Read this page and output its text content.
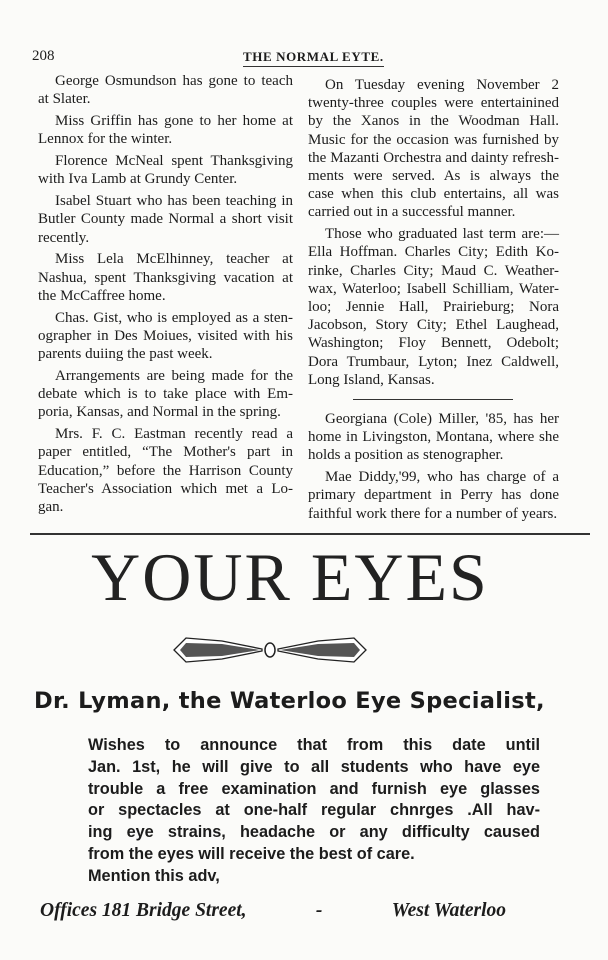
208	THE NORMAL EYTE.
George Osmundson has gone to teach
at Slater.
Miss Griffin has gone to her home at
Lennox for the winter.
Florence McNeal spent Thanksgiving
with Iva Lamb at Grundy Center.
Isabel Stuart who has been teaching in
Butler County made Normal a short visit
recently.
Miss Lela McElhinney, teacher at
Nashua, spent Thanksgiving vacation at
the McCaffree home.
Chas. Gist, who is employed as a sten-
ographer in Des Moiues, visited with his
parents duiing the past week.
Arrangements are being made for the
debate which is to take place with Em-
poria, Kansas, and Normal in the spring.
Mrs. F. C. Eastman recently read a
paper entitled, “The Mother's part in
Education,” before the Harrison County
Teacher's Association which met a Lo-
gan.
On Tuesday evening November 2
twenty-three couples were entertainined
by the Xanos in the Woodman Hall.
Music for the occasion was furnished by
the Mazanti Orchestra and dainty refresh-
ments were served. As is always the
case when this club entertains, all was
carried out in a successful manner.
Those who graduated last term are:—
Ella Hoffman. Charles City; Edith Ko-
rinke, Charles City; Maud C. Weather-
wax, Waterloo; Isabell Schilliam, Water-
loo; Jennie Hall, Prairieburg; Nora
Jacobson, Story City; Ethel Laughead,
Washington; Floy Bennett, Odebolt;
Dora Trumbaur, Lyton; Inez Caldwell,
Long Island, Kansas.
Georgiana (Cole) Miller, '85, has her
home in Livingston, Montana, where she
holds a position as stenographer.
Mae Diddy,'99, who has charge of a
primary department in Perry has done
faithful work there for a number of years.
YOUR EYES
Dr. Lyman, the Waterloo Eye Specialist,
Wishes to announce that from this date until
Jan. 1st, he will give to all students who have eye
trouble a free examination and furnish eye glasses
or spectacles at one-half regular chnrges .All hav-
ing eye strains, headache or any difficulty caused
from the eyes will receive the best of care.
Mention this adv,
Offices 181 Bridge Street,	-	West Waterloo
